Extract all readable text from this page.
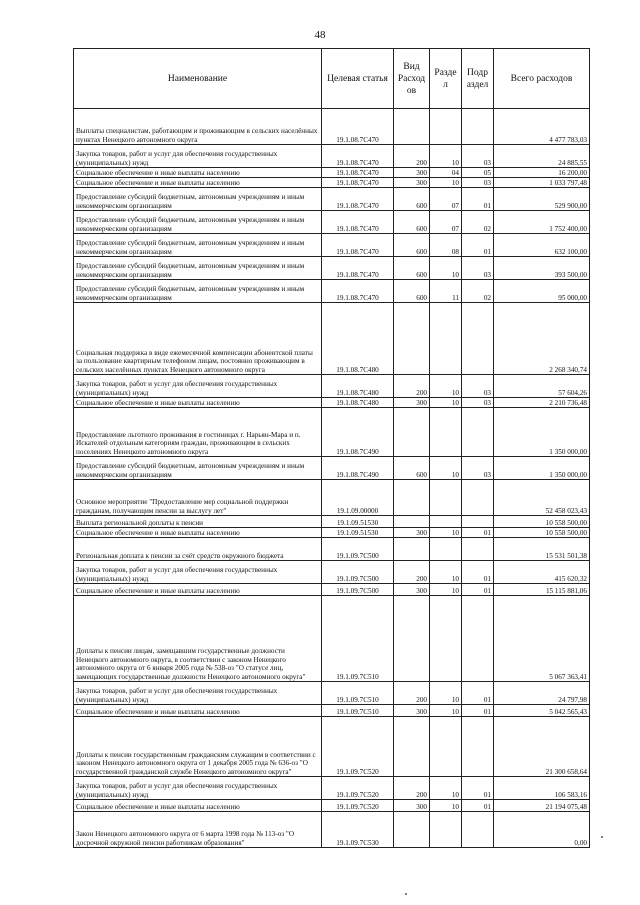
48
Наименование	Целевая статья	Вид Расход ов	Разде л	Подр аздел	Всего расходов
Выплаты специалистам, работающим и проживающим в сельских населённых пунктах Ненецкого автономного округа	19.1.08.7С470				4 477 783,03
Закупка товаров, работ и услуг для обеспечения государственных (муниципальных) нужд	19.1.08.7С470	200	10	03	24 885,55
Социальное обеспечение и иные выплаты населению	19.1.08.7С470	300	04	05	16 200,00
Социальное обеспечение и иные выплаты населению	19.1.08.7С470	300	10	03	1 033 797,48
Предоставление субсидий бюджетным, автономным учреждениям и иным некоммерческим организациям	19.1.08.7С470	600	07	01	529 900,00
Предоставление субсидий бюджетным, автономным учреждениям и иным некоммерческим организациям	19.1.08.7С470	600	07	02	1 752 400,00
Предоставление субсидий бюджетным, автономным учреждениям и иным некоммерческим организациям	19.1.08.7С470	600	08	01	632 100,00
Предоставление субсидий бюджетным, автономным учреждениям и иным некоммерческим организациям	19.1.08.7С470	600	10	03	393 500,00
Предоставление субсидий бюджетным, автономным учреждениям и иным некоммерческим организациям	19.1.08.7С470	600	11	02	95 000,00
Социальная поддержка в виде ежемесячной компенсации абонентской платы за пользование квартирным телефоном лицам, постоянно проживающим в сельских населённых пунктах Ненецкого автономного округа	19.1.08.7С480				2 268 340,74
Закупка товаров, работ и услуг для обеспечения государственных (муниципальных) нужд	19.1.08.7С480	200	10	03	57 604,26
Социальное обеспечение и иные выплаты населению	19.1.08.7С480	300	10	03	2 210 736,48
Предоставление льготного проживания в гостиницах г. Нарьян-Мара и п. Искателей отдельным категориям граждан, проживающим в сельских поселениях Ненецкого автономного округа	19.1.08.7С490				1 350 000,00
Предоставление субсидий бюджетным, автономным учреждениям и иным некоммерческим организациям	19.1.08.7С490	600	10	03	1 350 000,00
Основное мероприятие "Предоставление мер социальной поддержки гражданам, получающим пенсии за выслугу лет"	19.1.09.00000				52 458 023,43
Выплата региональной доплаты к пенсии	19.1.09.51530				10 558 500,00
Социальное обеспечение и иные выплаты населению	19.1.09.51530	300	10	01	10 558 500,00
Региональная доплата к пенсии за счёт средств окружного бюджета	19.1.09.7С500				15 531 501,38
Закупка товаров, работ и услуг для обеспечения государственных (муниципальных) нужд	19.1.09.7С500	200	10	01	415 620,32
Социальное обеспечение и иные выплаты населению	19.1.09.7С500	300	10	01	15 115 881,06
Доплаты к пенсии лицам, замещавшим государственные должности Ненецкого автономного округа, в соответствии с законом Ненецкого автономного округа от 6 января 2005 года № 538-оз "О статусе лиц, замещающих государственные должности Ненецкого автономного округа"	19.1.09.7С510				5 067 363,41
Закупка товаров, работ и услуг для обеспечения государственных (муниципальных) нужд	19.1.09.7С510	200	10	01	24 797,98
Социальное обеспечение и иные выплаты населению	19.1.09.7С510	300	10	01	5 042 565,43
Доплаты к пенсии государственным гражданским служащим в соответствии с законом Ненецкого автономного округа от 1 декабря 2005 года № 636-оз "О государственной гражданской службе Ненецкого автономного округа"	19.1.09.7С520				21 300 658,64
Закупка товаров, работ и услуг для обеспечения государственных (муниципальных) нужд	19.1.09.7С520	200	10	01	106 583,16
Социальное обеспечение и иные выплаты населению	19.1.09.7С520	300	10	01	21 194 075,48
Закон Ненецкого автономного округа от 6 марта 1998 года № 113-оз "О досрочной окружной пенсии работникам образования"	19.1.09.7С530				0,00
